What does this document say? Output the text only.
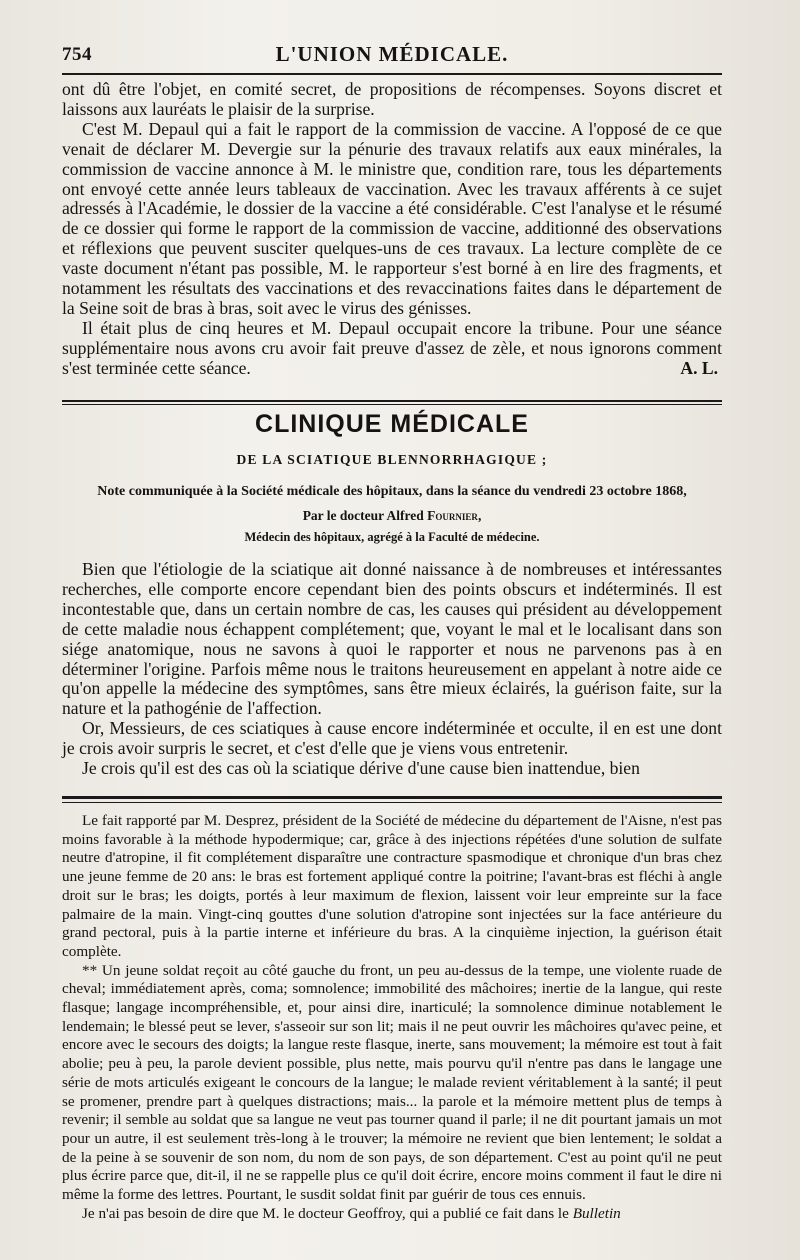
754	L'UNION MÉDICALE.

ont dû être l'objet, en comité secret, de propositions de récompenses. Soyons discret et laissons aux lauréats le plaisir de la surprise.

C'est M. Depaul qui a fait le rapport de la commission de vaccine. A l'opposé de ce que venait de déclarer M. Devergie sur la pénurie des travaux relatifs aux eaux minérales, la commission de vaccine annonce à M. le ministre que, condition rare, tous les départements ont envoyé cette année leurs tableaux de vaccination. Avec les travaux afférents à ce sujet adressés à l'Académie, le dossier de la vaccine a été considérable. C'est l'analyse et le résumé de ce dossier qui forme le rapport de la commission de vaccine, additionné des observations et réflexions que peuvent susciter quelques-uns de ces travaux. La lecture complète de ce vaste document n'étant pas possible, M. le rapporteur s'est borné à en lire des fragments, et notamment les résultats des vaccinations et des revaccinations faites dans le département de la Seine soit de bras à bras, soit avec le virus des génisses.

Il était plus de cinq heures et M. Depaul occupait encore la tribune. Pour une séance supplémentaire nous avons cru avoir fait preuve d'assez de zèle, et nous ignorons comment s'est terminée cette séance.	A. L.

CLINIQUE MÉDICALE
DE LA SCIATIQUE BLENNORRHAGIQUE ;
Note communiquée à la Société médicale des hôpitaux, dans la séance du vendredi 23 octobre 1868,
Par le docteur Alfred Fournier,
Médecin des hôpitaux, agrégé à la Faculté de médecine.

Bien que l'étiologie de la sciatique ait donné naissance à de nombreuses et intéressantes recherches, elle comporte encore cependant bien des points obscurs et indéterminés. Il est incontestable que, dans un certain nombre de cas, les causes qui président au développement de cette maladie nous échappent complétement; que, voyant le mal et le localisant dans son siége anatomique, nous ne savons à quoi le rapporter et nous ne parvenons pas à en déterminer l'origine. Parfois même nous le traitons heureusement en appelant à notre aide ce qu'on appelle la médecine des symptômes, sans être mieux éclairés, la guérison faite, sur la nature et la pathogénie de l'affection.

Or, Messieurs, de ces sciatiques à cause encore indéterminée et occulte, il en est une dont je crois avoir surpris le secret, et c'est d'elle que je viens vous entretenir.

Je crois qu'il est des cas où la sciatique dérive d'une cause bien inattendue, bien

Le fait rapporté par M. Desprez, président de la Société de médecine du département de l'Aisne, n'est pas moins favorable à la méthode hypodermique; car, grâce à des injections répétées d'une solution de sulfate neutre d'atropine, il fit complétement disparaître une contracture spasmodique et chronique d'un bras chez une jeune femme de 20 ans: le bras est fortement appliqué contre la poitrine; l'avant-bras est fléchi à angle droit sur le bras; les doigts, portés à leur maximum de flexion, laissent voir leur empreinte sur la face palmaire de la main. Vingt-cinq gouttes d'une solution d'atropine sont injectées sur la face antérieure du grand pectoral, puis à la partie interne et inférieure du bras. A la cinquième injection, la guérison était complète.

** Un jeune soldat reçoit au côté gauche du front, un peu au-dessus de la tempe, une violente ruade de cheval; immédiatement après, coma; somnolence; immobilité des mâchoires; inertie de la langue, qui reste flasque; langage incompréhensible, et, pour ainsi dire, inarticulé; la somnolence diminue notablement le lendemain; le blessé peut se lever, s'asseoir sur son lit; mais il ne peut ouvrir les mâchoires qu'avec peine, et encore avec le secours des doigts; la langue reste flasque, inerte, sans mouvement; la mémoire est tout à fait abolie; peu à peu, la parole devient possible, plus nette, mais pourvu qu'il n'entre pas dans le langage une série de mots articulés exigeant le concours de la langue; le malade revient véritablement à la santé; il peut se promener, prendre part à quelques distractions; mais... la parole et la mémoire mettent plus de temps à revenir; il semble au soldat que sa langue ne veut pas tourner quand il parle; il ne dit pourtant jamais un mot pour un autre, il est seulement très-long à le trouver; la mémoire ne revient que bien lentement; le soldat a de la peine à se souvenir de son nom, du nom de son pays, de son département. C'est au point qu'il ne peut plus écrire parce que, dit-il, il ne se rappelle plus ce qu'il doit écrire, encore moins comment il faut le dire ni même la forme des lettres. Pourtant, le susdit soldat finit par guérir de tous ces ennuis.

Je n'ai pas besoin de dire que M. le docteur Geoffroy, qui a publié ce fait dans le Bulletin
